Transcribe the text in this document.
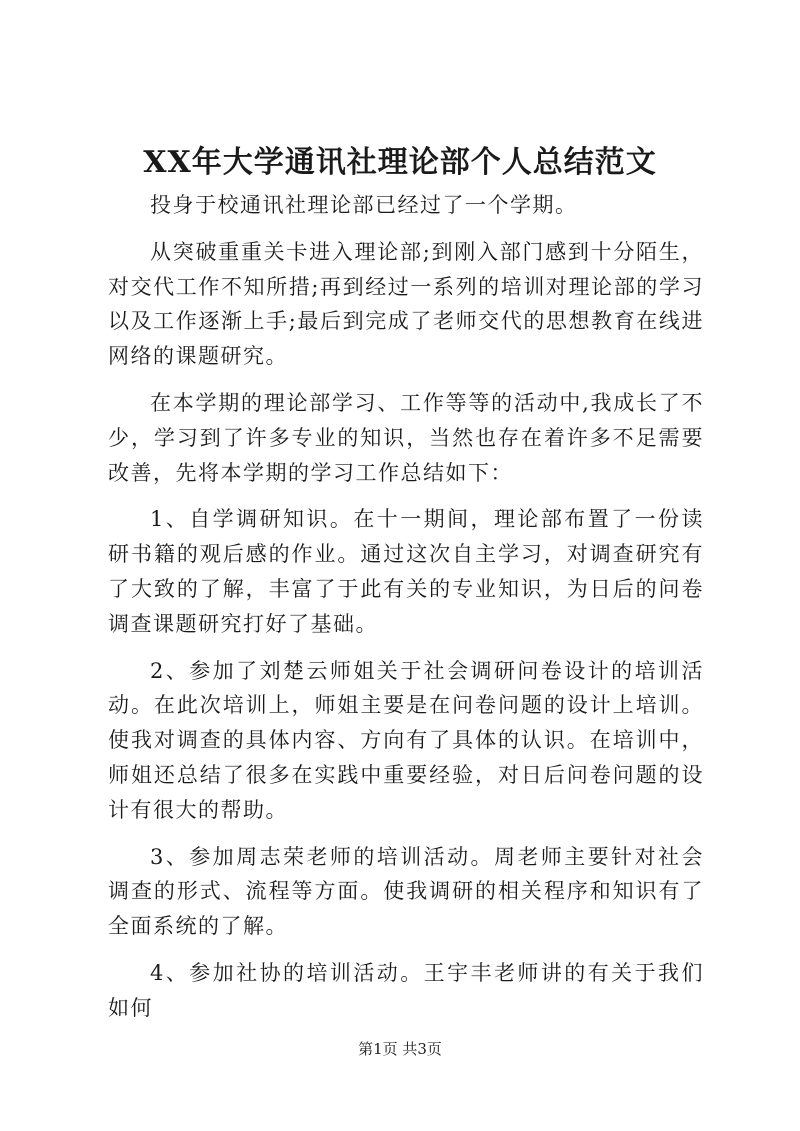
XX年大学通讯社理论部个人总结范文

投身于校通讯社理论部已经过了一个学期。

从突破重重关卡进入理论部;到刚入部门感到十分陌生，对交代工作不知所措;再到经过一系列的培训对理论部的学习以及工作逐渐上手;最后到完成了老师交代的思想教育在线进网络的课题研究。

在本学期的理论部学习、工作等等的活动中,我成长了不少，学习到了许多专业的知识，当然也存在着许多不足需要改善，先将本学期的学习工作总结如下：

1、自学调研知识。在十一期间，理论部布置了一份读研书籍的观后感的作业。通过这次自主学习，对调查研究有了大致的了解，丰富了于此有关的专业知识，为日后的问卷调查课题研究打好了基础。

2、参加了刘楚云师姐关于社会调研问卷设计的培训活动。在此次培训上，师姐主要是在问卷问题的设计上培训。使我对调查的具体内容、方向有了具体的认识。在培训中，师姐还总结了很多在实践中重要经验，对日后问卷问题的设计有很大的帮助。

3、参加周志荣老师的培训活动。周老师主要针对社会调查的形式、流程等方面。使我调研的相关程序和知识有了全面系统的了解。

4、参加社协的培训活动。王宇丰老师讲的有关于我们如何

第1页 共3页
